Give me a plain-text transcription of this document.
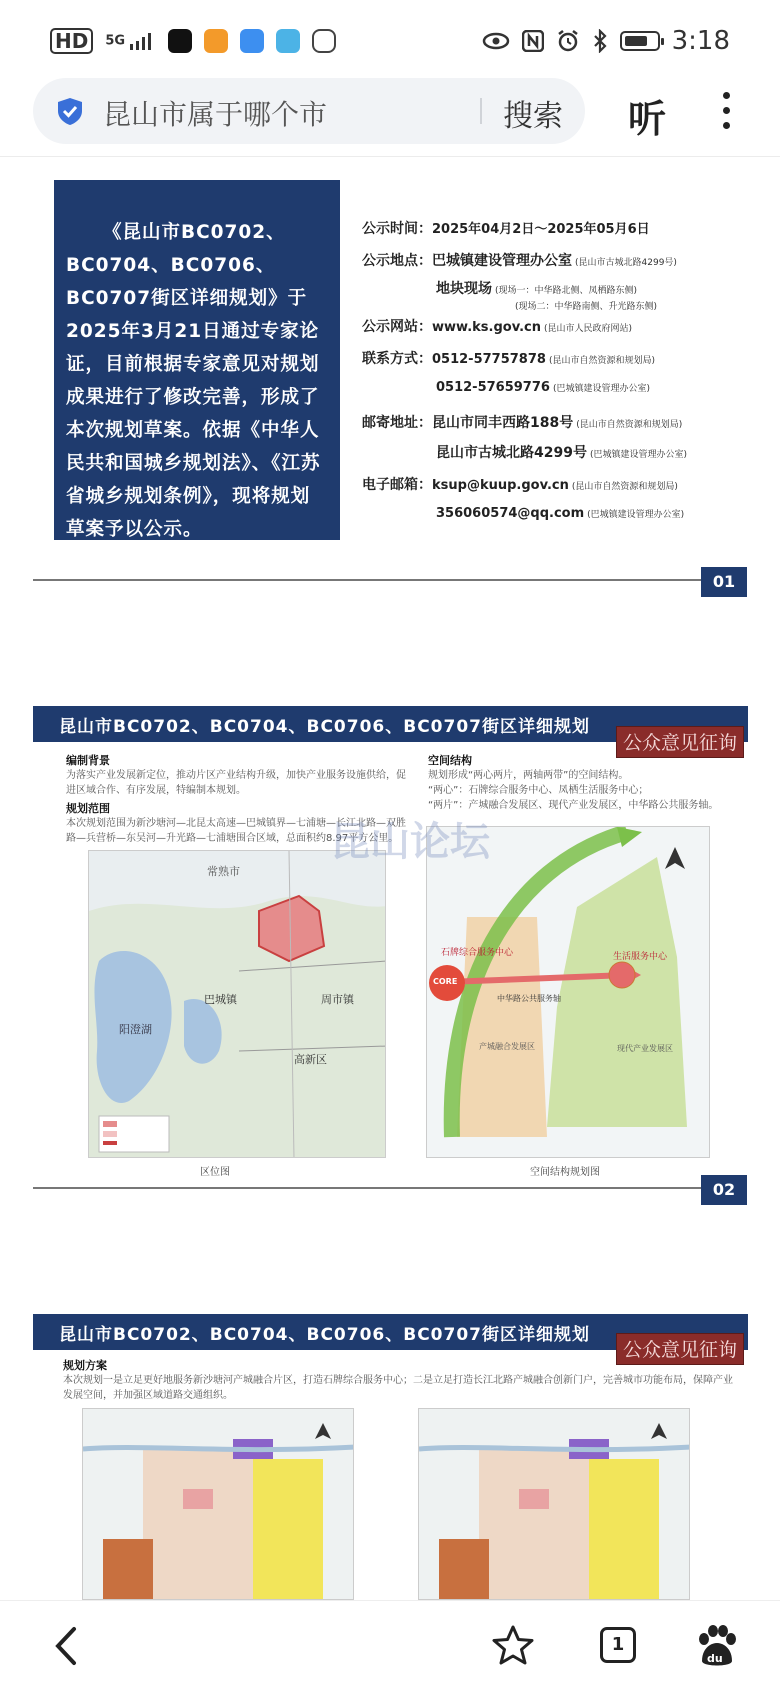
HD	5G	3:18
昆山市属于哪个市	搜索 听

《昆山市BC0702、BC0704、BC0706、BC0707街区详细规划》于2025年3月21日通过专家论证，目前根据专家意见对规划成果进行了修改完善，形成了本次规划草案。依据《中华人民共和国城乡规划法》、《江苏省城乡规划条例》，现将规划草案予以公示。

公示时间：2025年04月2日～2025年05月6日
公示地点：巴城镇建设管理办公室 (昆山市古城北路4299号)
地块现场 (现场一：中华路北侧、凤栖路东侧)
(现场二：中华路南侧、升光路东侧)
公示网站：www.ks.gov.cn (昆山市人民政府网站)
联系方式：0512-57757878 (昆山市自然资源和规划局)
0512-57659776 (巴城镇建设管理办公室)
邮寄地址：昆山市同丰西路188号 (昆山市自然资源和规划局)
昆山市古城北路4299号 (巴城镇建设管理办公室)
电子邮箱：ksup@kuup.gov.cn (昆山市自然资源和规划局)
356060574@qq.com (巴城镇建设管理办公室)
01
昆山市BC0702、BC0704、BC0706、BC0707街区详细规划
公众意见征询
编制背景
为落实产业发展新定位，推动片区产业结构升级，加快产业服务设施供给，促进区域合作、有序发展，特编制本规划。
规划范围
本次规划范围为新沙塘河—北昆太高速—巴城镇界—七浦塘—长江北路—双胜路—兵营桥—东吴河—升光路—七浦塘围合区域，总面积约8.97平方公里。
空间结构
规划形成“两心两片，两轴两带”的空间结构。
“两心”：石牌综合服务中心、凤栖生活服务中心；
“两片”：产城融合发展区、现代产业发展区，中华路公共服务轴。
常熟市
巴城镇	周市镇
高新区
阳澄湖
区位图
石牌综合服务中心	生活服务中心
中华路公共服务轴
产城融合发展区	现代产业发展区
CORE
空间结构规划图
昆山论坛
02
昆山市BC0702、BC0704、BC0706、BC0707街区详细规划
公众意见征询
规划方案
本次规划一是立足更好地服务新沙塘河产城融合片区，打造石牌综合服务中心；二是立足打造长江北路产城融合创新门户，完善城市功能布局，保障产业发展空间，并加强区域道路交通组织。
1
du
